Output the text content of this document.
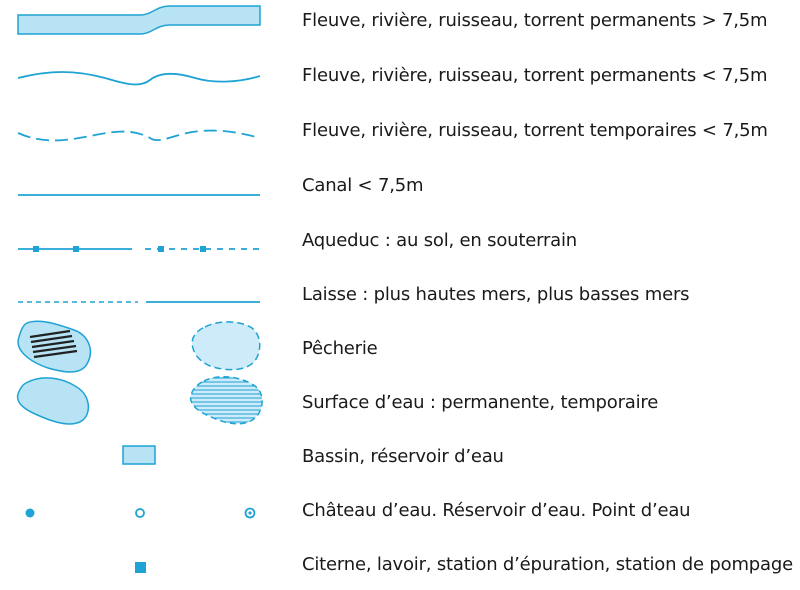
Fleuve, rivière, ruisseau, torrent permanents > 7,5m
Fleuve, rivière, ruisseau, torrent permanents < 7,5m
Fleuve, rivière, ruisseau, torrent temporaires < 7,5m
Canal < 7,5m
Aqueduc : au sol, en souterrain
Laisse : plus hautes mers, plus basses mers
Pêcherie
Surface d’eau : permanente, temporaire
Bassin, réservoir d’eau
Château d’eau. Réservoir d’eau. Point d’eau
Citerne, lavoir, station d’épuration, station de pompage
